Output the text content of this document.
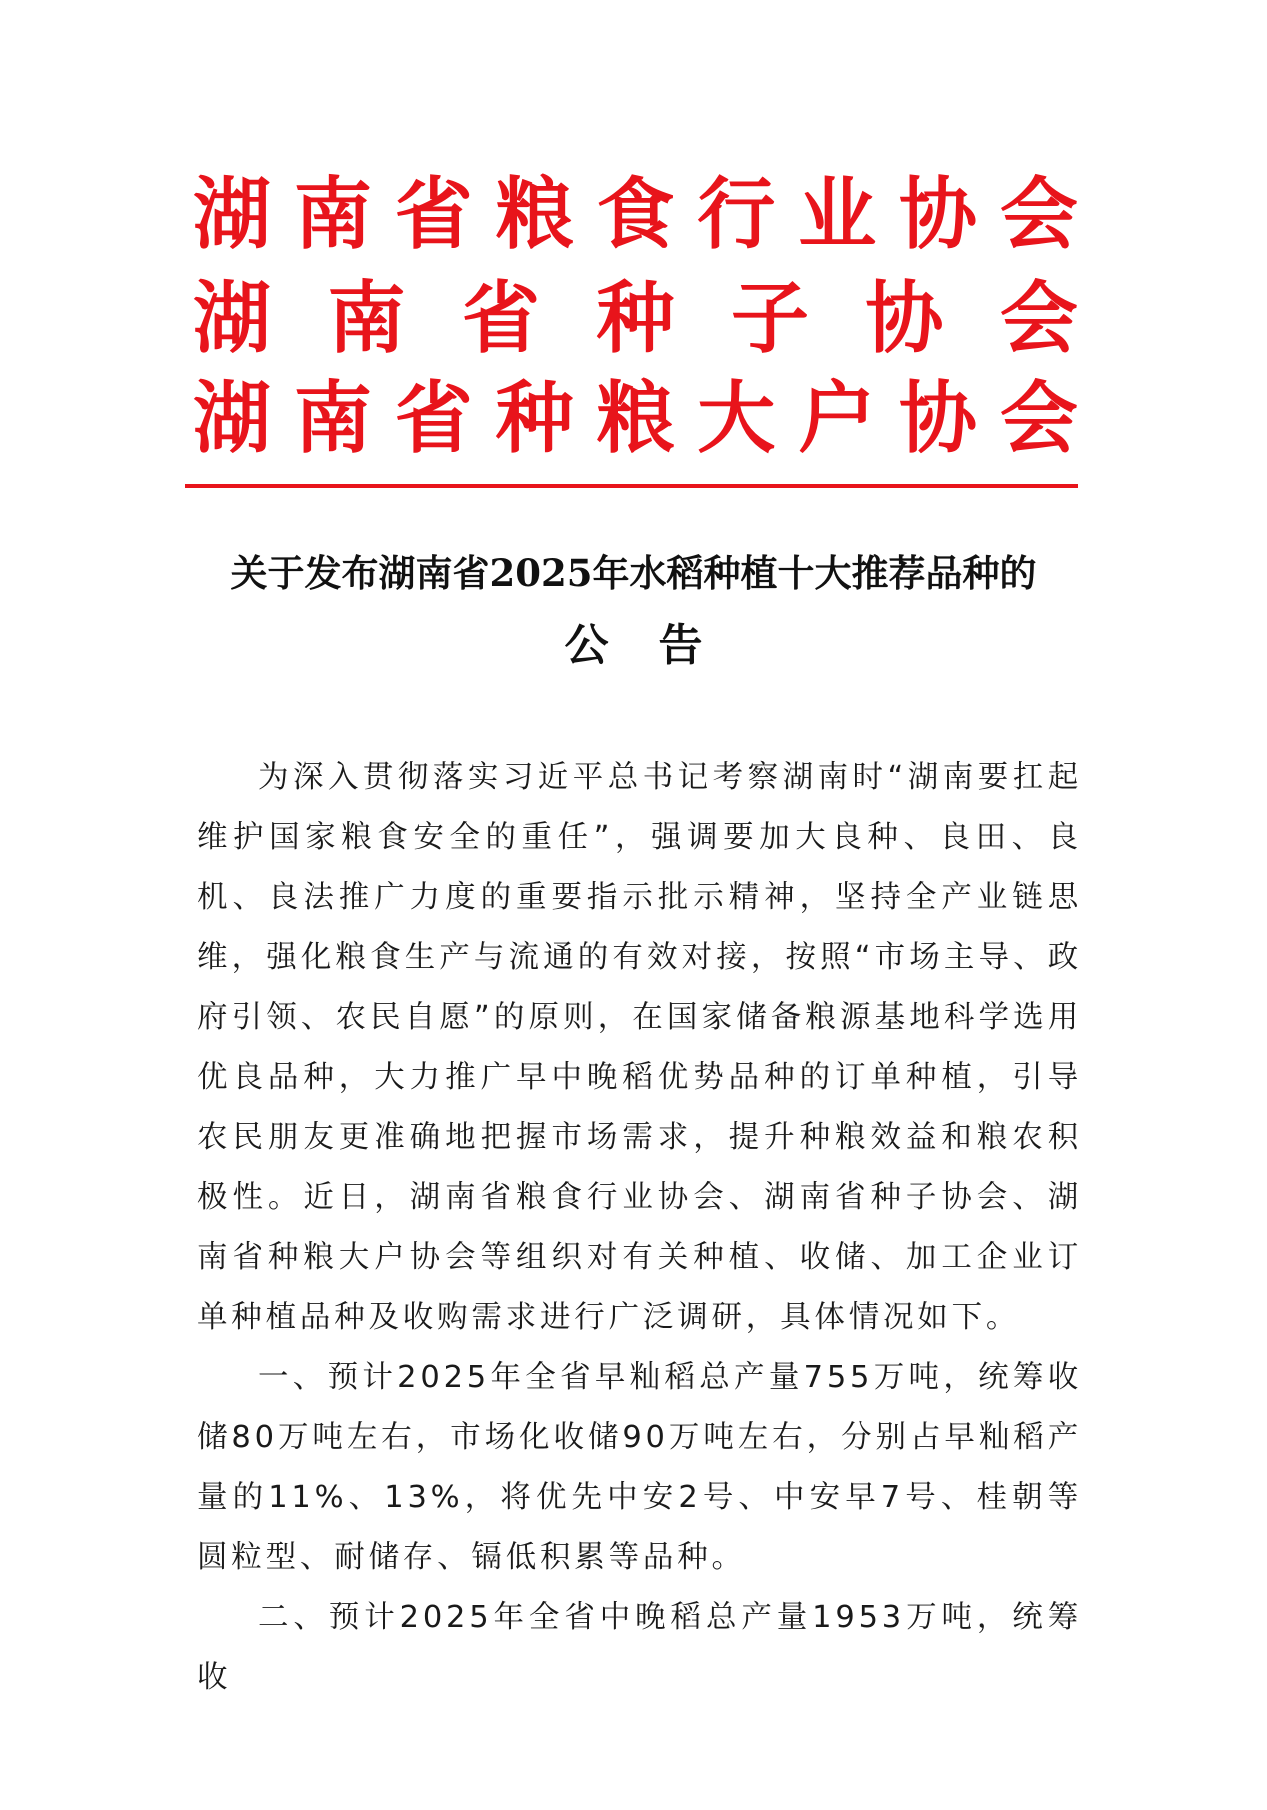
湖 南 省 粮 食 行 业 协 会
湖 南 省 种 子 协 会
湖 南 省 种 粮 大 户 协 会
关于发布湖南省2025年水稻种植十大推荐品种的
公告

为深入贯彻落实习近平总书记考察湖南时“湖南要扛起维护国家粮食安全的重任”，强调要加大良种、良田、良机、良法推广力度的重要指示批示精神，坚持全产业链思维，强化粮食生产与流通的有效对接，按照“市场主导、政府引领、农民自愿”的原则，在国家储备粮源基地科学选用优良品种，大力推广早中晚稻优势品种的订单种植，引导农民朋友更准确地把握市场需求，提升种粮效益和粮农积极性。近日，湖南省粮食行业协会、湖南省种子协会、湖南省种粮大户协会等组织对有关种植、收储、加工企业订单种植品种及收购需求进行广泛调研，具体情况如下。

一、预计2025年全省早籼稻总产量755万吨，统筹收储80万吨左右，市场化收储90万吨左右，分别占早籼稻产量的11%、13%，将优先中安2号、中安早7号、桂朝等圆粒型、耐储存、镉低积累等品种。

二、预计2025年全省中晚稻总产量1953万吨，统筹收
